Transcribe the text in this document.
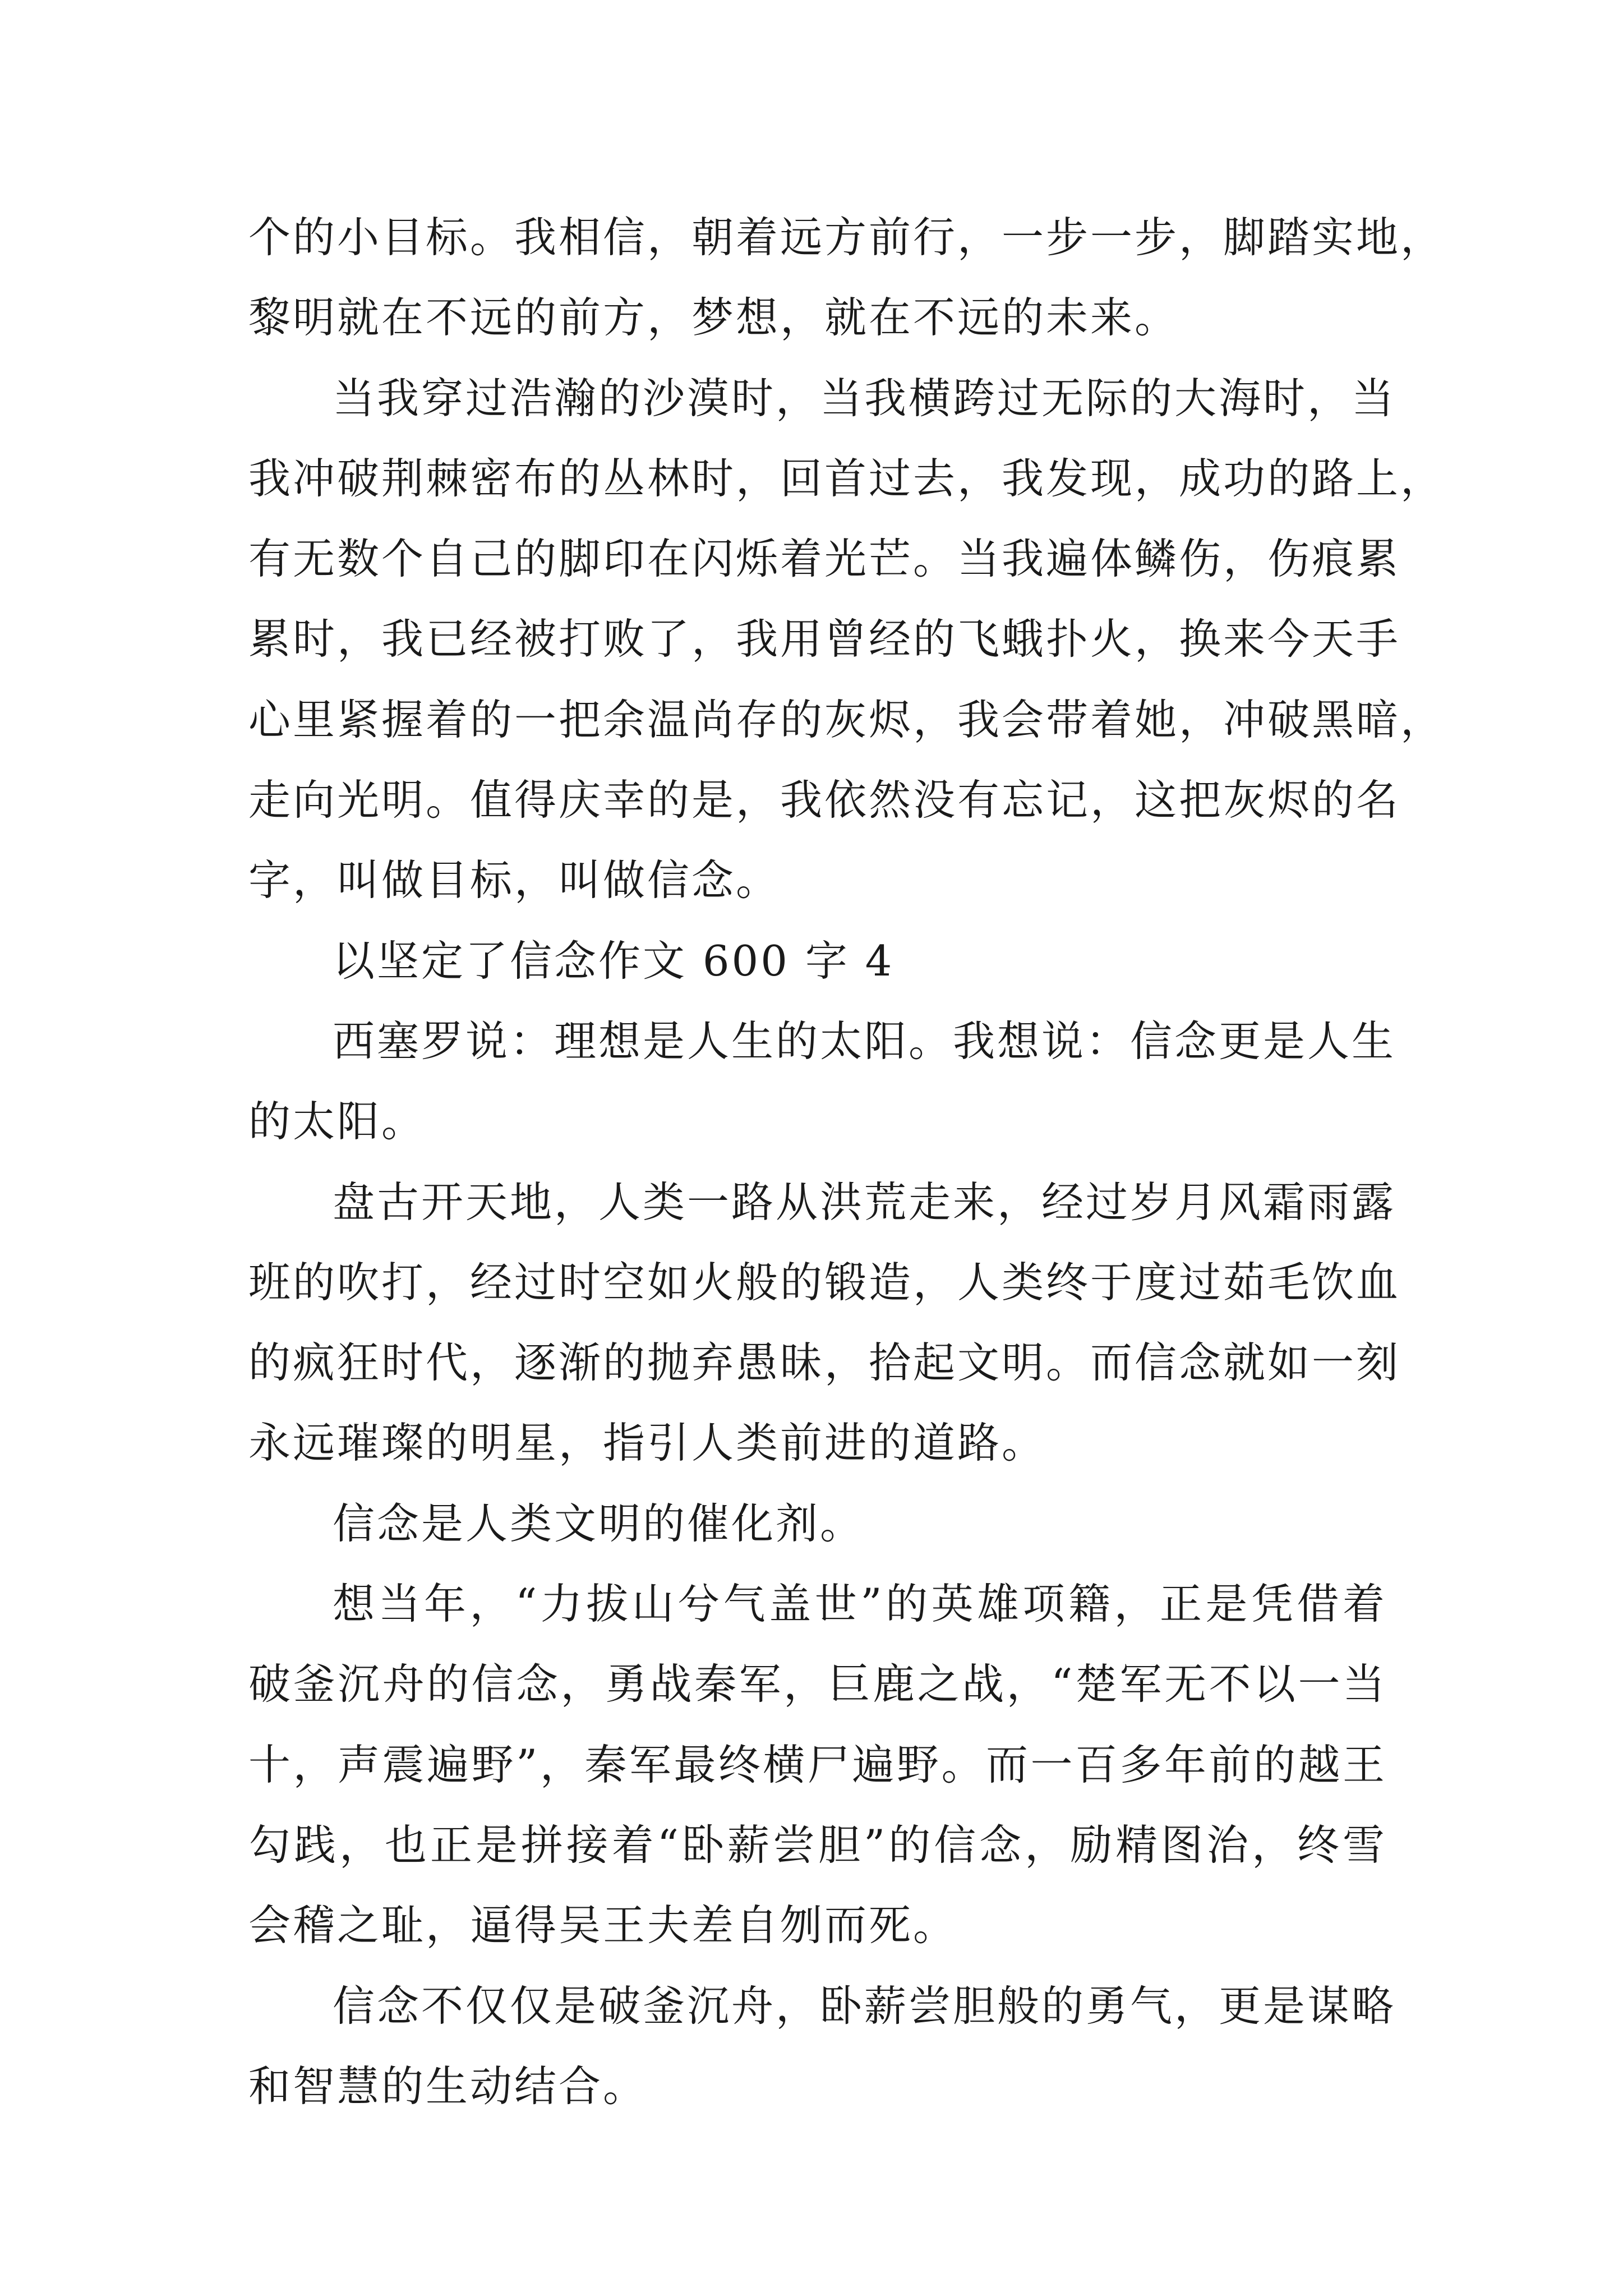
个的小目标。我相信，朝着远方前行，一步一步，脚踏实地，
黎明就在不远的前方，梦想，就在不远的未来。

当我穿过浩瀚的沙漠时，当我横跨过无际的大海时，当
我冲破荆棘密布的丛林时，回首过去，我发现，成功的路上，
有无数个自己的脚印在闪烁着光芒。当我遍体鳞伤，伤痕累
累时，我已经被打败了，我用曾经的飞蛾扑火，换来今天手
心里紧握着的一把余温尚存的灰烬，我会带着她，冲破黑暗，
走向光明。值得庆幸的是，我依然没有忘记，这把灰烬的名
字，叫做目标，叫做信念。

以坚定了信念作文 600 字 4

西塞罗说：理想是人生的太阳。我想说：信念更是人生
的太阳。

盘古开天地，人类一路从洪荒走来，经过岁月风霜雨露
班的吹打，经过时空如火般的锻造，人类终于度过茹毛饮血
的疯狂时代，逐渐的抛弃愚昧，拾起文明。而信念就如一刻
永远璀璨的明星，指引人类前进的道路。

信念是人类文明的催化剂。

想当年，“力拔山兮气盖世”的英雄项籍，正是凭借着
破釜沉舟的信念，勇战秦军，巨鹿之战，“楚军无不以一当
十，声震遍野”，秦军最终横尸遍野。而一百多年前的越王
勾践，也正是拼接着“卧薪尝胆”的信念，励精图治，终雪
会稽之耻，逼得吴王夫差自刎而死。

信念不仅仅是破釜沉舟，卧薪尝胆般的勇气，更是谋略
和智慧的生动结合。
